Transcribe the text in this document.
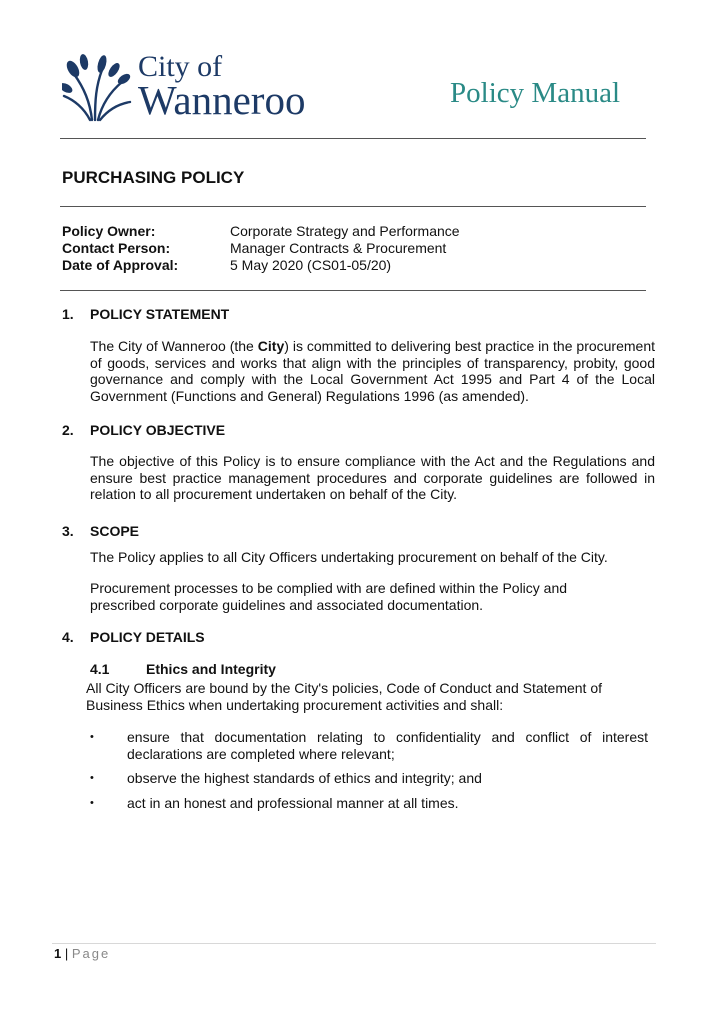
City of
Wanneroo	Policy Manual
PURCHASING POLICY
Policy Owner:	Corporate Strategy and Performance
Contact Person:	Manager Contracts & Procurement
Date of Approval:	5 May 2020 (CS01-05/20)
1. POLICY STATEMENT
The City of Wanneroo (the City) is committed to delivering best practice in the procurement of goods, services and works that align with the principles of transparency, probity, good governance and comply with the Local Government Act 1995 and Part 4 of the Local Government (Functions and General) Regulations 1996 (as amended).
2. POLICY OBJECTIVE
The objective of this Policy is to ensure compliance with the Act and the Regulations and ensure best practice management procedures and corporate guidelines are followed in relation to all procurement undertaken on behalf of the City.
3. SCOPE
The Policy applies to all City Officers undertaking procurement on behalf of the City.
Procurement processes to be complied with are defined within the Policy and prescribed corporate guidelines and associated documentation.
4. POLICY DETAILS
4.1	Ethics and Integrity
All City Officers are bound by the City's policies, Code of Conduct and Statement of Business Ethics when undertaking procurement activities and shall:
• ensure that documentation relating to confidentiality and conflict of interest declarations are completed where relevant;
• observe the highest standards of ethics and integrity; and
• act in an honest and professional manner at all times.
1 | Page
